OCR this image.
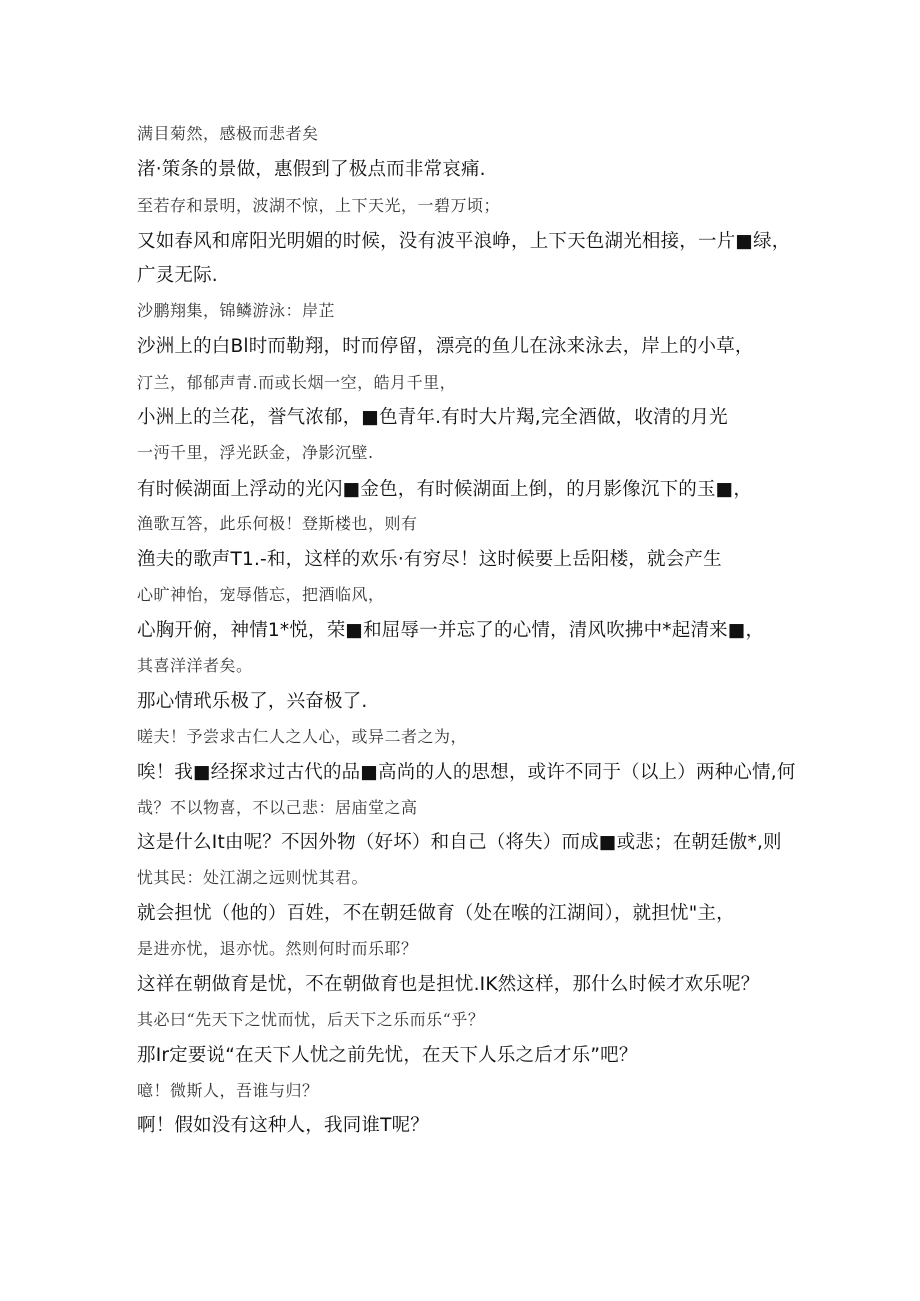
满目菊然，感极而悲者矣
渚·策条的景做，惠假到了极点而非常哀痛.
至若存和景明，波湖不惊，上下天光，一碧万顷；
又如春风和席阳光明媚的时候，没有波平浪峥，上下天色湖光相接，一片■绿，
广灵无际.
沙鹏翔集，锦鳞游泳：岸芷
沙洲上的白Bl时而勒翔，时而停留，漂亮的鱼儿在泳来泳去，岸上的小草，
汀兰，郁郁声青.而或长烟一空，皓月千里，
小洲上的兰花，誉气浓郁，■色青年.有时大片羯,完全酒做，收清的月光
一沔千里，浮光跃金，净影沉壁.
有时候湖面上浮动的光闪■金色，有时候湖面上倒，的月影像沉下的玉■，
渔歌互答，此乐何极！登斯楼也，则有
渔夫的歌声T1.-和，这样的欢乐·有穷尽！这时候要上岳阳楼，就会产生
心旷神怡，宠辱偕忘，把酒临风，
心胸开俯，神情1*悦，荣■和屈辱一并忘了的心情，清风吹拂中*起清来■，
其喜洋洋者矣。
那心情玳乐极了，兴奋极了.
嗟夫！予尝求古仁人之人心，或异二者之为，
唉！我■经探求过古代的品■高尚的人的思想，或许不同于（以上）两种心情,何
哉？不以物喜，不以己悲：居庙堂之高
这是什么It由呢？不因外物（好坏）和自己（将失）而成■或悲；在朝廷傲*,则
忧其民：处江湖之远则忧其君。
就会担忧（他的）百姓，不在朝廷做育（处在喉的江湖间），就担忧"主，
是进亦忧，退亦忧。然则何时而乐耶？
这祥在朝做育是忧，不在朝做育也是担忧.IK然这样，那什么时候才欢乐呢？
其必曰“先天下之忧而忧，后天下之乐而乐“乎？
那Ir定要说“在天下人忧之前先忧，在天下人乐之后才乐”吧？
噫！微斯人，吾谁与归？
啊！假如没有这种人，我同谁T呢？
